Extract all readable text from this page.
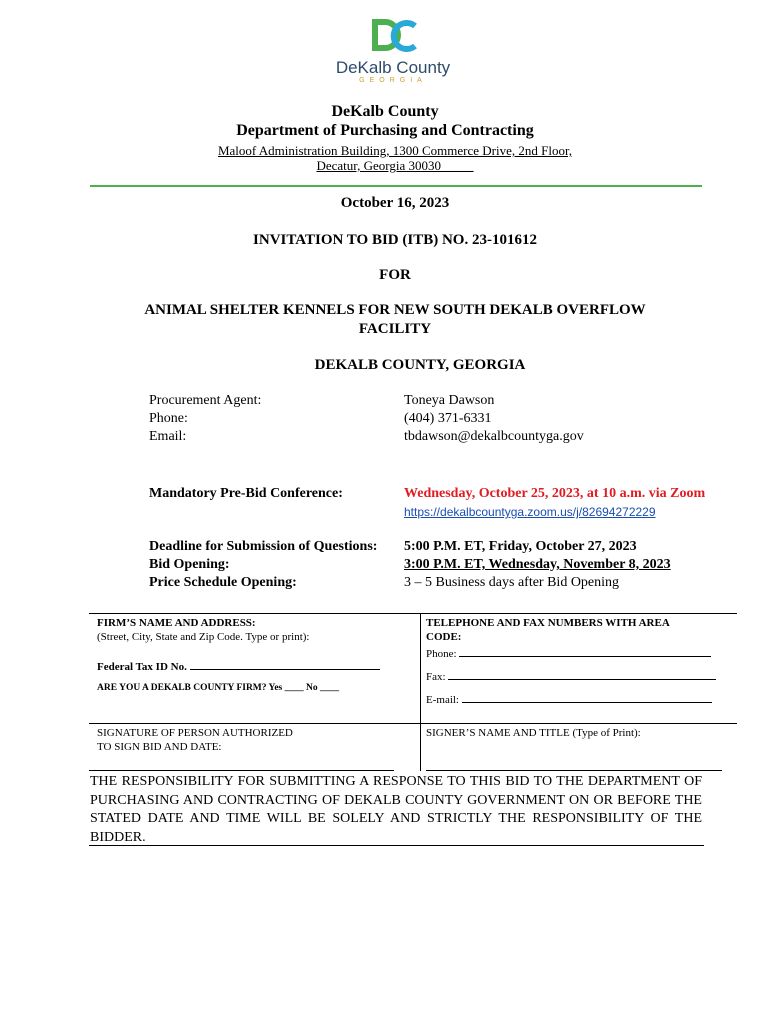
DeKalb County
GEORGIA
DeKalb County
Department of Purchasing and Contracting
Maloof Administration Building, 1300 Commerce Drive, 2nd Floor,
Decatur, Georgia 30030_____
October 16, 2023
INVITATION TO BID (ITB) NO. 23-101612
FOR
ANIMAL SHELTER KENNELS FOR NEW SOUTH DEKALB OVERFLOW
FACILITY
DEKALB COUNTY, GEORGIA
Procurement Agent:	Toneya Dawson
Phone:	(404) 371-6331
Email:	tbdawson@dekalbcountyga.gov
Mandatory Pre-Bid Conference:	Wednesday, October 25, 2023, at 10 a.m. via Zoom
https://dekalbcountyga.zoom.us/j/82694272229
Deadline for Submission of Questions: 5:00 P.M. ET, Friday, October 27, 2023
Bid Opening:	3:00 P.M. ET, Wednesday, November 8, 2023
Price Schedule Opening:	3 – 5 Business days after Bid Opening
FIRM’S NAME AND ADDRESS:
(Street, City, State and Zip Code. Type or print):
Federal Tax ID No.
ARE YOU A DEKALB COUNTY FIRM? Yes ____ No ____
TELEPHONE AND FAX NUMBERS WITH AREA
CODE:
Phone:
Fax:
E-mail:
SIGNATURE OF PERSON AUTHORIZED
TO SIGN BID AND DATE:
SIGNER’S NAME AND TITLE (Type of Print):
THE RESPONSIBILITY FOR SUBMITTING A RESPONSE TO THIS BID TO THE DEPARTMENT OF PURCHASING AND CONTRACTING OF DEKALB COUNTY GOVERNMENT ON OR BEFORE THE STATED DATE AND TIME WILL BE SOLELY AND STRICTLY THE RESPONSIBILITY OF THE BIDDER.
